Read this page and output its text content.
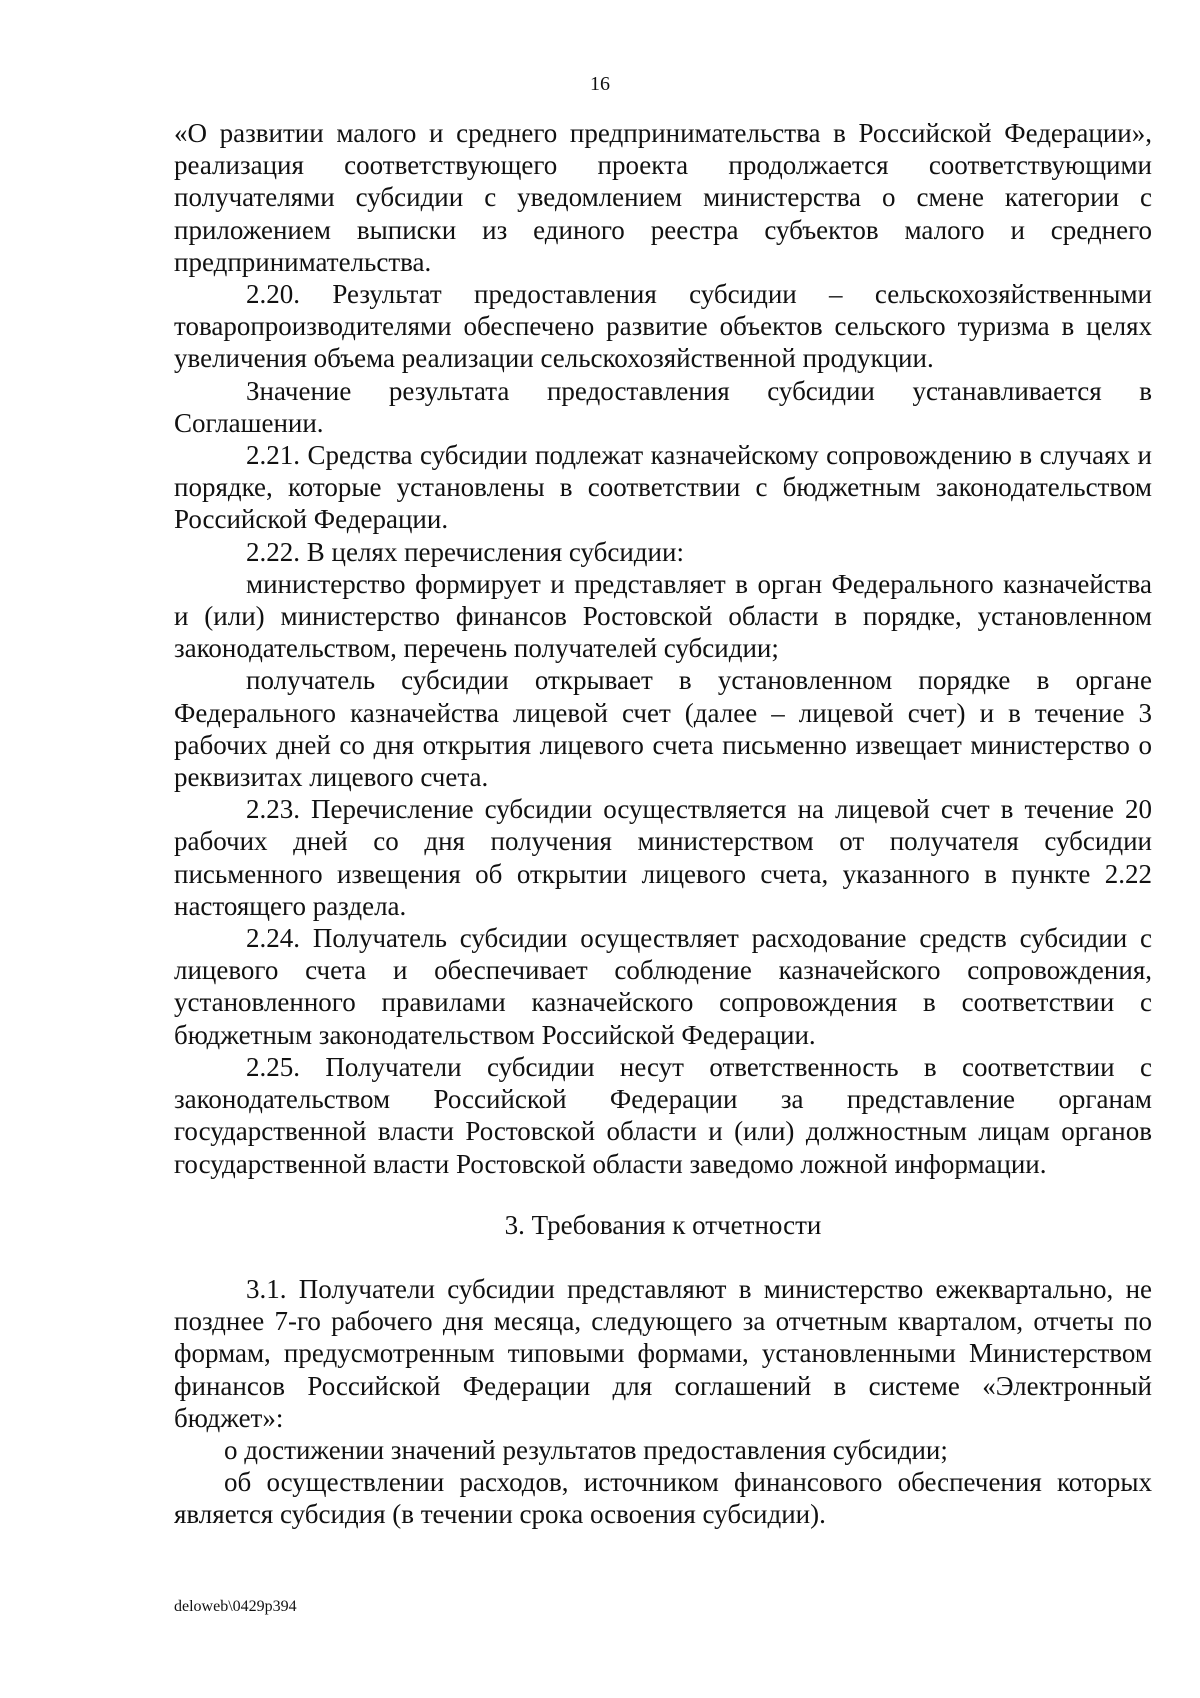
16

«О развитии малого и среднего предпринимательства в Российской Федерации», реализация соответствующего проекта продолжается соответствующими получателями субсидии с уведомлением министерства о смене категории с приложением выписки из единого реестра субъектов малого и среднего предпринимательства.

2.20. Результат предоставления субсидии – сельскохозяйственными товаропроизводителями обеспечено развитие объектов сельского туризма в целях увеличения объема реализации сельскохозяйственной продукции.

Значение результата предоставления субсидии устанавливается в Соглашении.

2.21. Средства субсидии подлежат казначейскому сопровождению в случаях и порядке, которые установлены в соответствии с бюджетным законодательством Российской Федерации.

2.22. В целях перечисления субсидии:

министерство формирует и представляет в орган Федерального казначейства и (или) министерство финансов Ростовской области в порядке, установленном законодательством, перечень получателей субсидии;

получатель субсидии открывает в установленном порядке в органе Федерального казначейства лицевой счет (далее – лицевой счет) и в течение 3 рабочих дней со дня открытия лицевого счета письменно извещает министерство о реквизитах лицевого счета.

2.23. Перечисление субсидии осуществляется на лицевой счет в течение 20 рабочих дней со дня получения министерством от получателя субсидии письменного извещения об открытии лицевого счета, указанного в пункте 2.22 настоящего раздела.

2.24. Получатель субсидии осуществляет расходование средств субсидии с лицевого счета и обеспечивает соблюдение казначейского сопровождения, установленного правилами казначейского сопровождения в соответствии с бюджетным законодательством Российской Федерации.

2.25. Получатели субсидии несут ответственность в соответствии с законодательством Российской Федерации за представление органам государственной власти Ростовской области и (или) должностным лицам органов государственной власти Ростовской области заведомо ложной информации.

3. Требования к отчетности

3.1. Получатели субсидии представляют в министерство ежеквартально, не позднее 7-го рабочего дня месяца, следующего за отчетным кварталом, отчеты по формам, предусмотренным типовыми формами, установленными Министерством финансов Российской Федерации для соглашений в системе «Электронный бюджет»:

о достижении значений результатов предоставления субсидии;

об осуществлении расходов, источником финансового обеспечения которых является субсидия (в течении срока освоения субсидии).

deloweb\0429p394
